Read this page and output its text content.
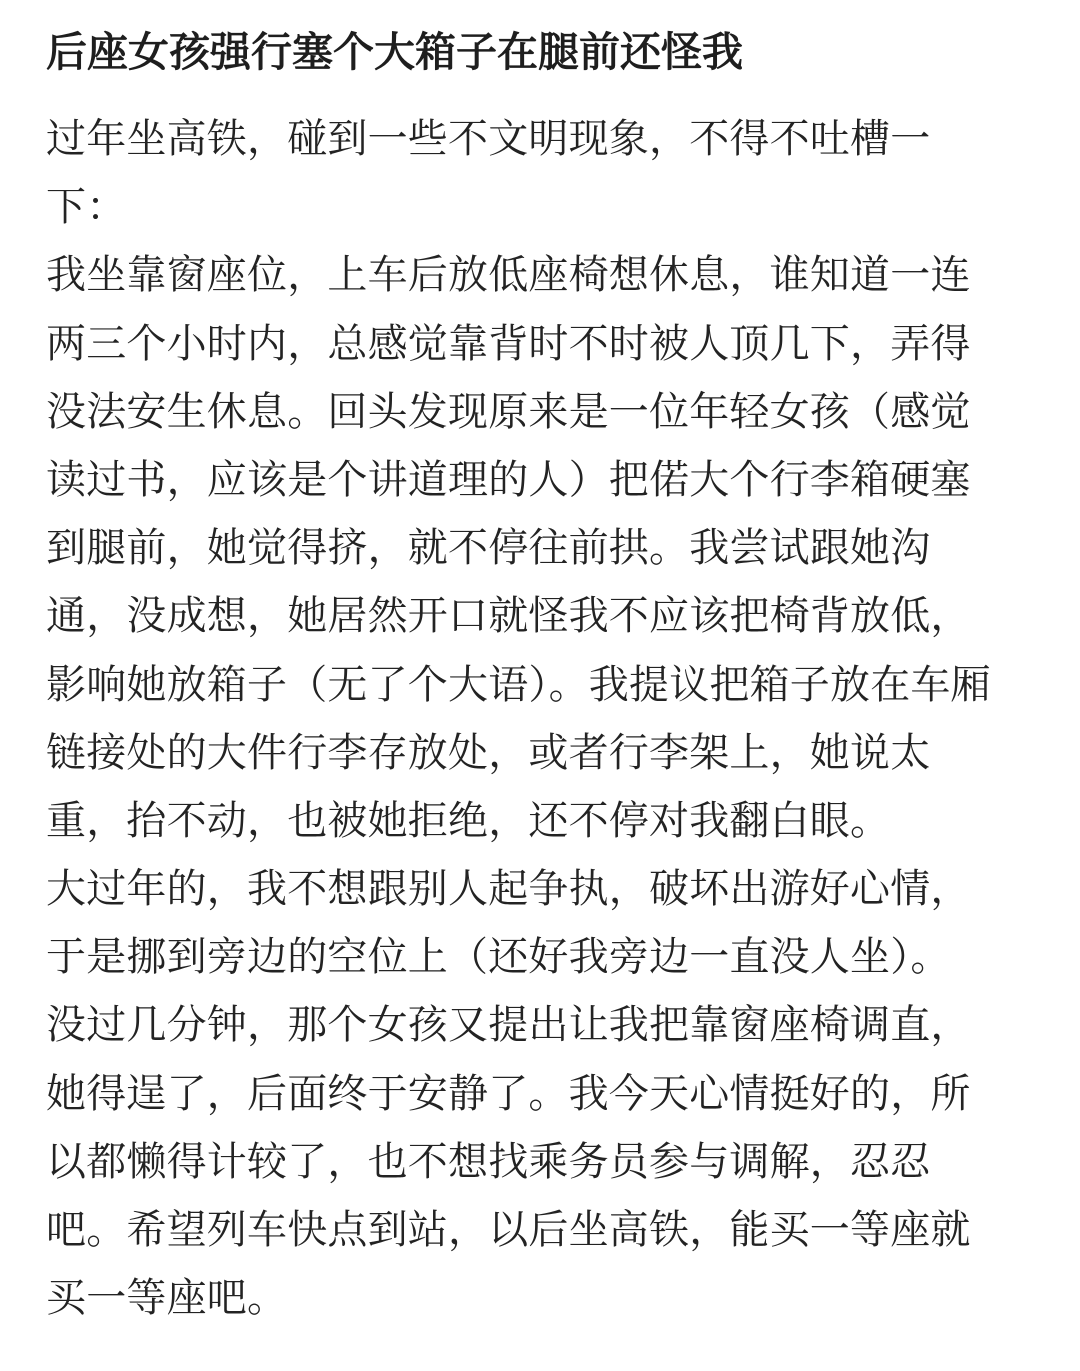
后座女孩强行塞个大箱子在腿前还怪我
过年坐高铁，碰到一些不文明现象，不得不吐槽一
下：
我坐靠窗座位，上车后放低座椅想休息，谁知道一连
两三个小时内，总感觉靠背时不时被人顶几下，弄得
没法安生休息。回头发现原来是一位年轻女孩（感觉
读过书，应该是个讲道理的人）把偌大个行李箱硬塞
到腿前，她觉得挤，就不停往前拱。我尝试跟她沟
通，没成想，她居然开口就怪我不应该把椅背放低，
影响她放箱子（无了个大语）。我提议把箱子放在车厢
链接处的大件行李存放处，或者行李架上，她说太
重，抬不动，也被她拒绝，还不停对我翻白眼。
大过年的，我不想跟别人起争执，破坏出游好心情，
于是挪到旁边的空位上（还好我旁边一直没人坐）。
没过几分钟，那个女孩又提出让我把靠窗座椅调直，
她得逞了，后面终于安静了。我今天心情挺好的，所
以都懒得计较了，也不想找乘务员参与调解，忍忍
吧。希望列车快点到站，以后坐高铁，能买一等座就
买一等座吧。
